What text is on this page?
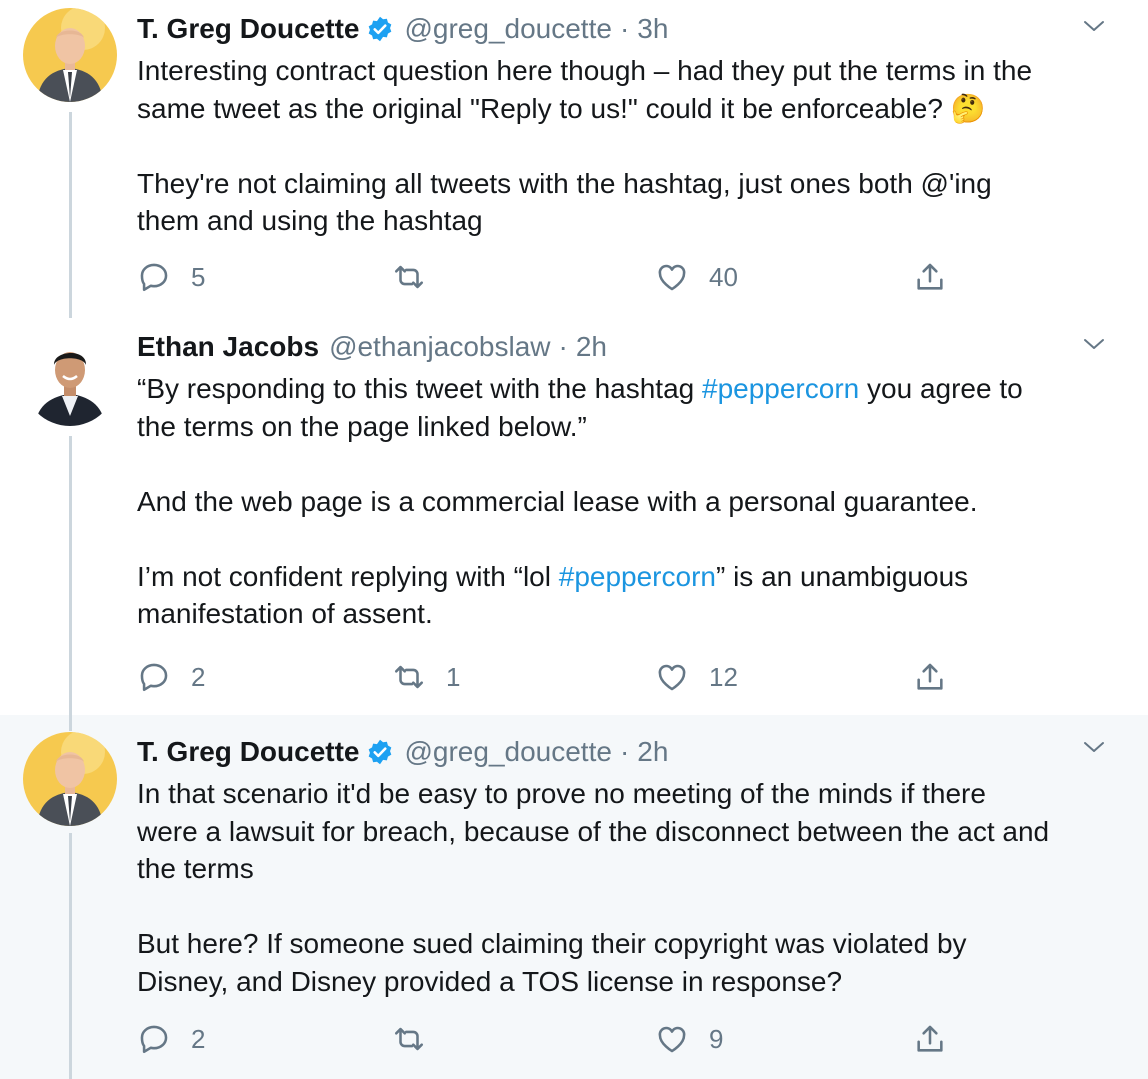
T. Greg Doucette @greg_doucette · 3h

Interesting contract question here though – had they put the terms in the

same tweet as the original "Reply to us!" could it be enforceable? 🤔

They're not claiming all tweets with the hashtag, just ones both @'ing

them and using the hashtag

5	40
Ethan Jacobs @ethanjacobslaw · 2h

“By responding to this tweet with the hashtag #peppercorn you agree to

the terms on the page linked below.”

And the web page is a commercial lease with a personal guarantee.

I’m not confident replying with “lol #peppercorn” is an unambiguous

manifestation of assent.

2	1	12
T. Greg Doucette @greg_doucette · 2h

In that scenario it'd be easy to prove no meeting of the minds if there

were a lawsuit for breach, because of the disconnect between the act and

the terms

But here? If someone sued claiming their copyright was violated by

Disney, and Disney provided a TOS license in response?

2	9
